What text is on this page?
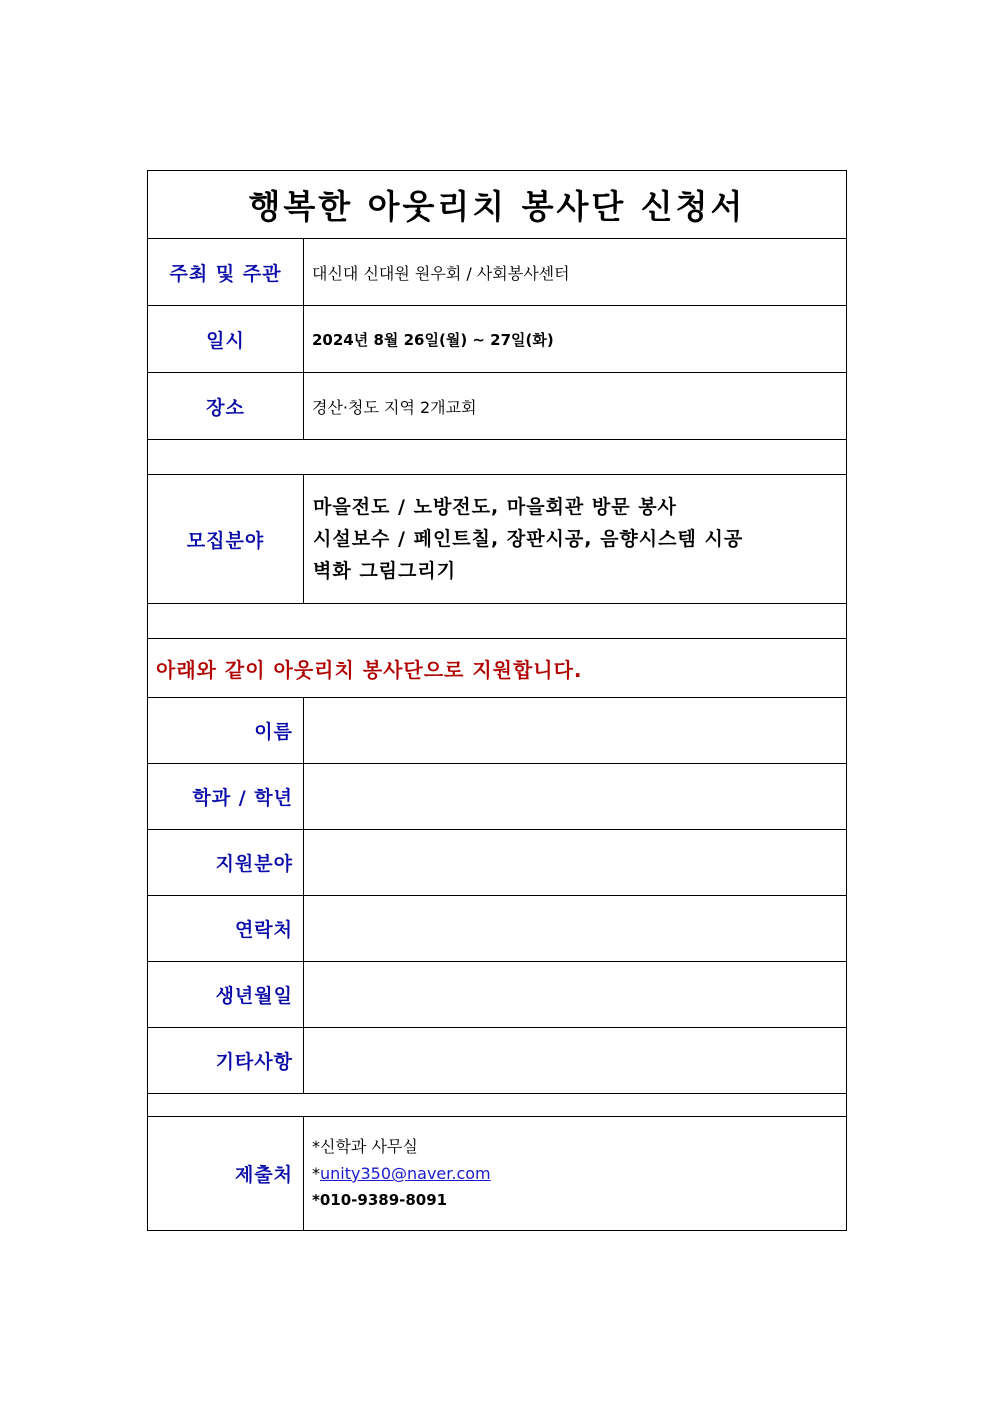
행복한 아웃리치 봉사단 신청서	
주최 및 주관	대신대 신대원 원우회 / 사회봉사센터
일시	2024년 8월 26일(월) ~ 27일(화)
장소	경산·청도 지역 2개교회

모집분야	마을전도 / 노방전도, 마을회관 방문 봉사
시설보수 / 페인트칠, 장판시공, 음향시스템 시공
벽화 그림그리기

아래와 같이 아웃리치 봉사단으로 지원합니다.	
이름	
학과 / 학년	
지원분야	
연락처	
생년월일	
기타사항	

제출처	*신학과 사무실
*unity350@naver.com
*010-9389-8091
